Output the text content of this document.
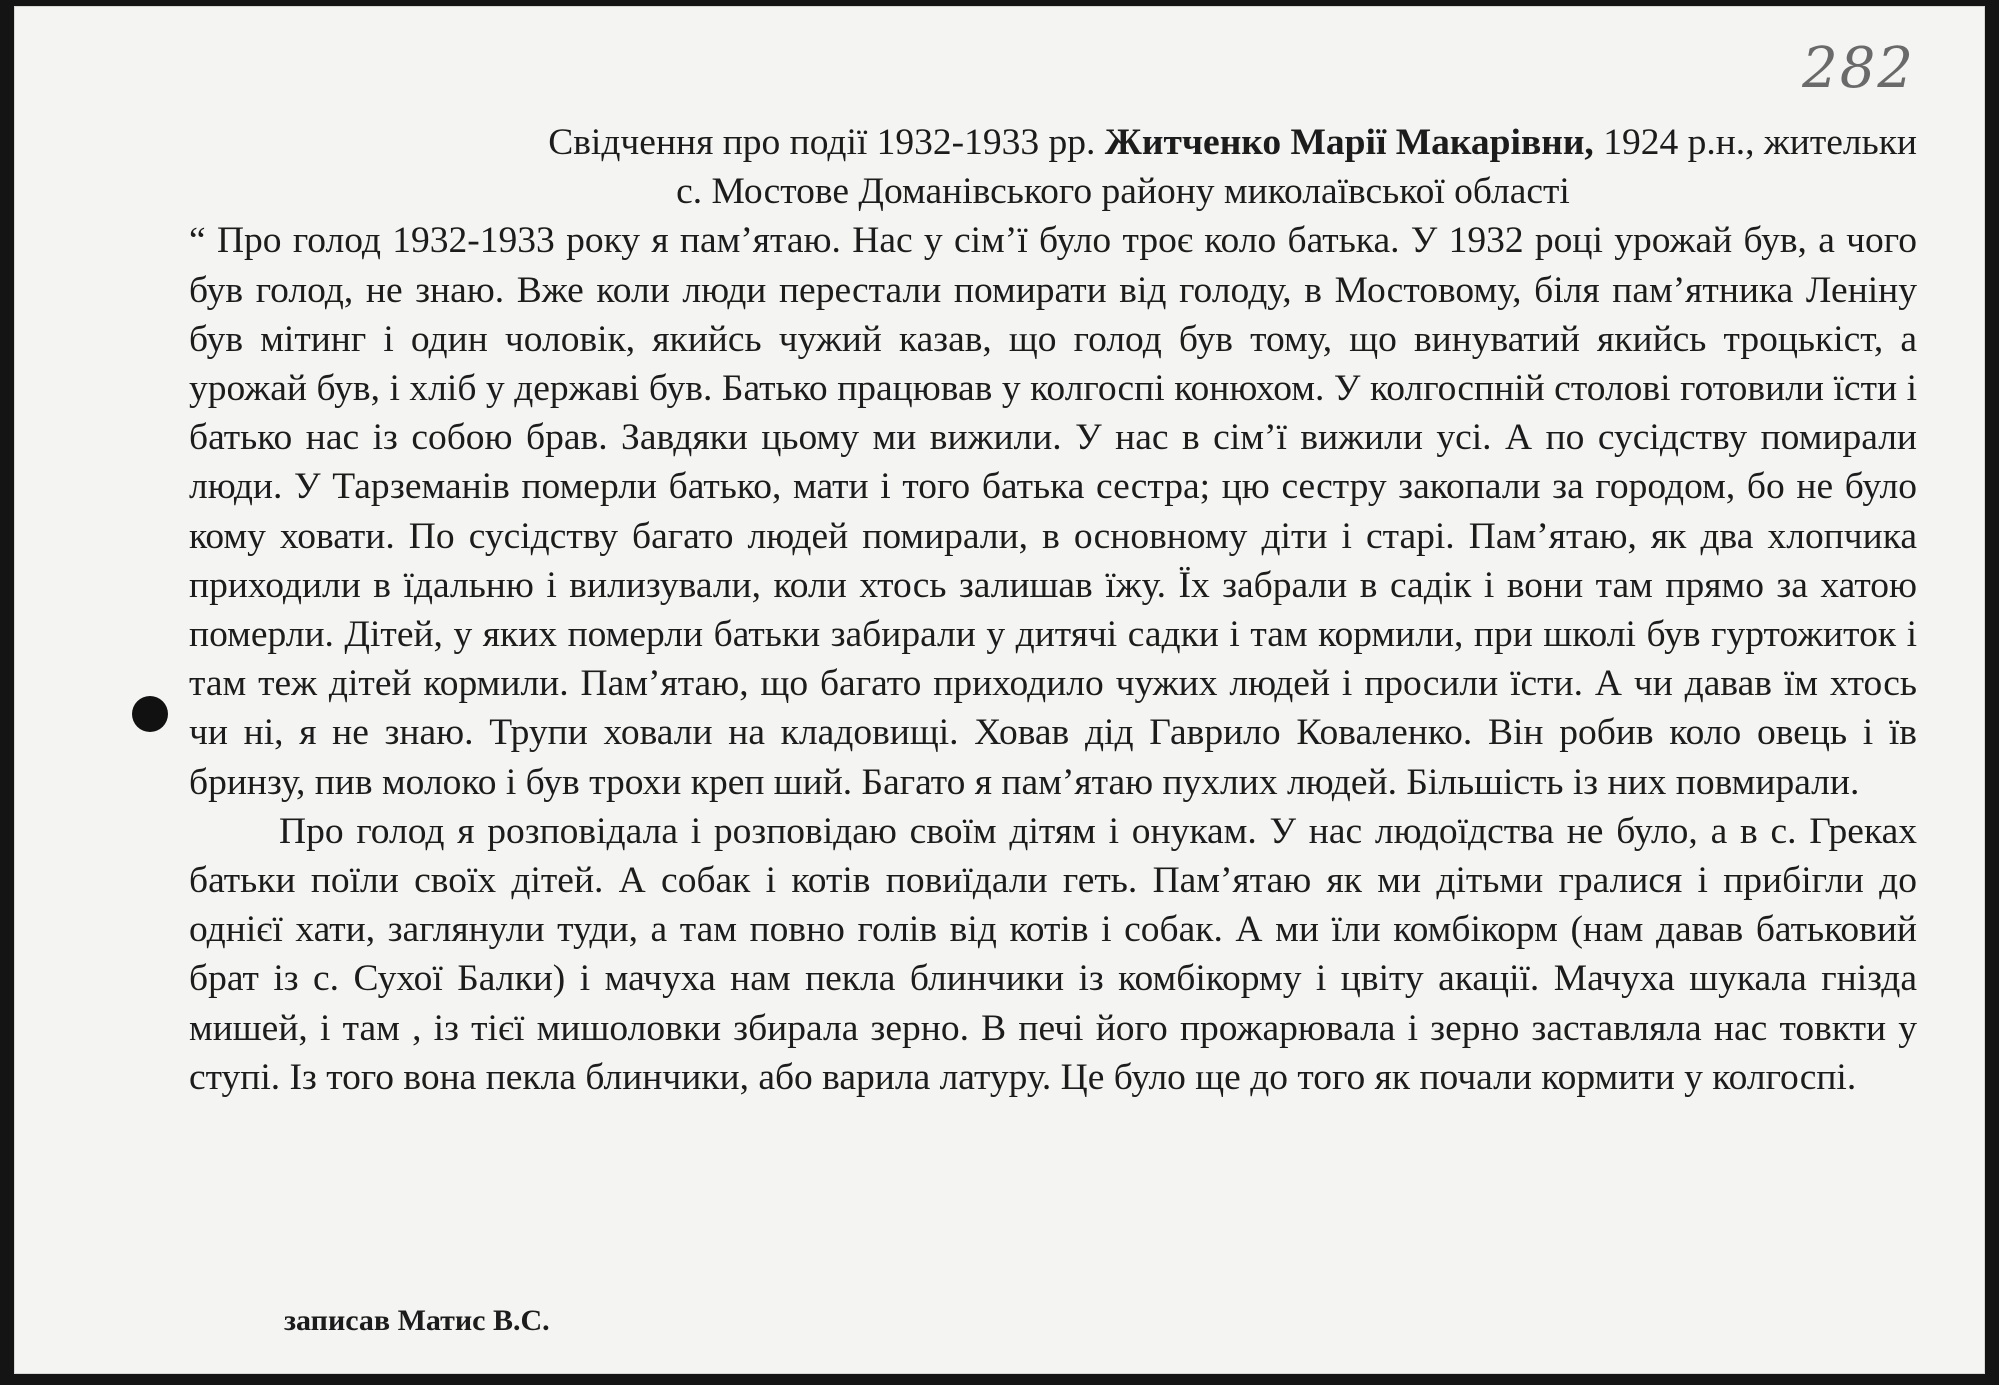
282

Свідчення про події 1932-1933 рр. Житченко Марії Макарівни, 1924 р.н., жительки

с. Мостове Доманівського району миколаївської області

“ Про голод 1932-1933 року я пам’ятаю. Нас у сім’ї було троє коло батька. У 1932 році урожай був, а чого був голод, не знаю. Вже коли люди перестали помирати від голоду, в Мостовому, біля пам’ятника Леніну був мітинг і один чоловік, якийсь чужий казав, що голод був тому, що винуватий якийсь троцькіст, а урожай був, і хліб у державі був. Батько працював у колгоспі конюхом. У колгоспній столові готовили їсти і батько нас із собою брав. Завдяки цьому ми вижили. У нас в сім’ї вижили усі. А по сусідству помирали люди. У Тарземанів померли батько, мати і того батька сестра; цю сестру закопали за городом, бо не було кому ховати. По сусідству багато людей помирали, в основному діти і старі. Пам’ятаю, як два хлопчика приходили в їдальню і вилизували, коли хтось залишав їжу. Їх забрали в садік і вони там прямо за хатою померли. Дітей, у яких померли батьки забирали у дитячі садки і там кормили, при школі був гуртожиток і там теж дітей кормили. Пам’ятаю, що багато приходило чужих людей і просили їсти. А чи давав їм хтось чи ні, я не знаю. Трупи ховали на кладовищі. Ховав дід Гаврило Коваленко. Він робив коло овець і їв бринзу, пив молоко і був трохи креп ший. Багато я пам’ятаю пухлих людей. Більшість із них повмирали.

Про голод я розповідала і розповідаю своїм дітям і онукам. У нас людоїдства не було, а в с. Греках батьки поїли своїх дітей. А собак і котів повиїдали геть. Пам’ятаю як ми дітьми гралися і прибігли до однієї хати, заглянули туди, а там повно голів від котів і собак. А ми їли комбікорм (нам давав батьковий брат із с. Сухої Балки) і мачуха нам пекла блинчики із комбікорму і цвіту акації. Мачуха шукала гнізда мишей, і там , із тієї мишоловки збирала зерно. В печі його прожарювала і зерно заставляла нас товкти у ступі. Із того вона пекла блинчики, або варила латуру. Це було ще до того як почали кормити у колгоспі.

записав Матис В.С.
